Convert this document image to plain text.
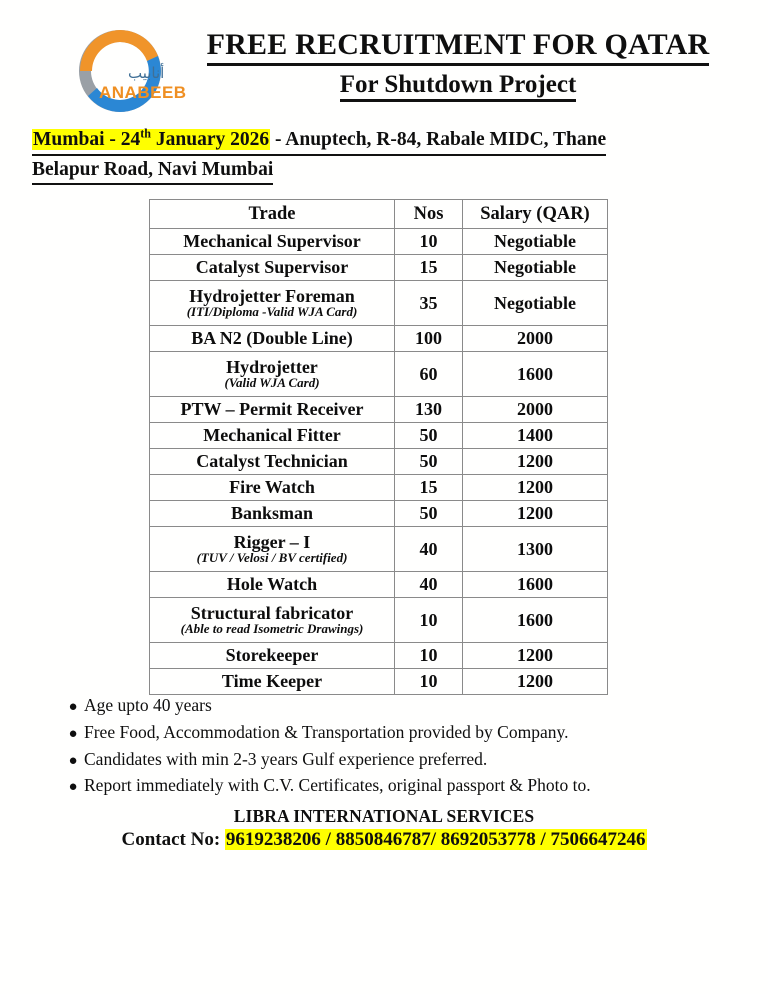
أنابيب
ANABEEB
FREE RECRUITMENT FOR QATAR
For Shutdown Project
Mumbai - 24th January 2026 - Anuptech, R-84, Rabale MIDC, Thane
Belapur Road, Navi Mumbai
Trade	Nos	Salary (QAR)

Mechanical Supervisor	10	Negotiable

Catalyst Supervisor	15	Negotiable

Hydrojetter Foreman
(ITI/Diploma -Valid WJA Card)	35	Negotiable

BA N2 (Double Line)	100	2000

Hydrojetter
(Valid WJA Card)	60	1600

PTW – Permit Receiver	130	2000

Mechanical Fitter	50	1400

Catalyst Technician	50	1200

Fire Watch	15	1200

Banksman	50	1200

Rigger – I
(TUV / Velosi / BV certified)	40	1300

Hole Watch	40	1600

Structural fabricator
(Able to read Isometric Drawings)	10	1600

Storekeeper	10	1200

Time Keeper	10	1200
● Age upto 40 years
● Free Food, Accommodation & Transportation provided by Company.
● Candidates with min 2-3 years Gulf experience preferred.
● Report immediately with C.V. Certificates, original passport & Photo to.
LIBRA INTERNATIONAL SERVICES
Contact No: 9619238206 / 8850846787/ 8692053778 / 7506647246
